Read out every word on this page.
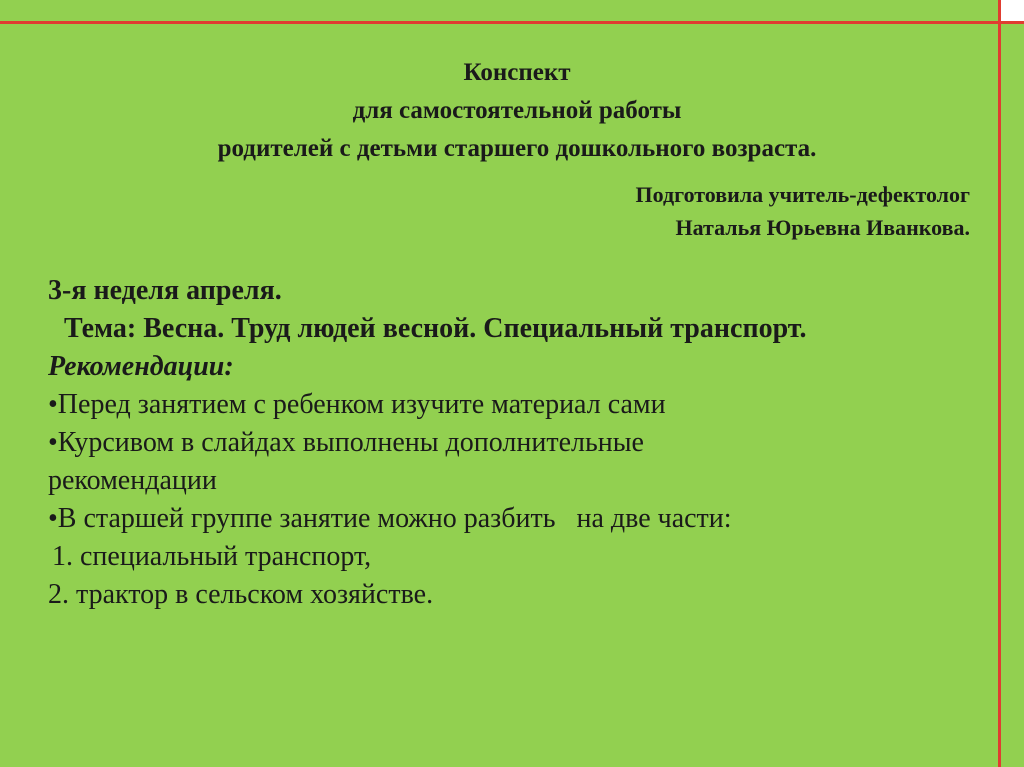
Конспект
для самостоятельной работы
родителей с детьми старшего дошкольного возраста.
Подготовила учитель-дефектолог
Наталья Юрьевна Иванкова.
3-я неделя апреля.
Тема: Весна. Труд людей весной. Специальный транспорт.
Рекомендации:
•Перед занятием с ребенком изучите материал сами
•Курсивом в слайдах выполнены дополнительные
рекомендации
•В старшей группе занятие можно разбить   на две части:
1. специальный транспорт,
2. трактор в сельском хозяйстве.
